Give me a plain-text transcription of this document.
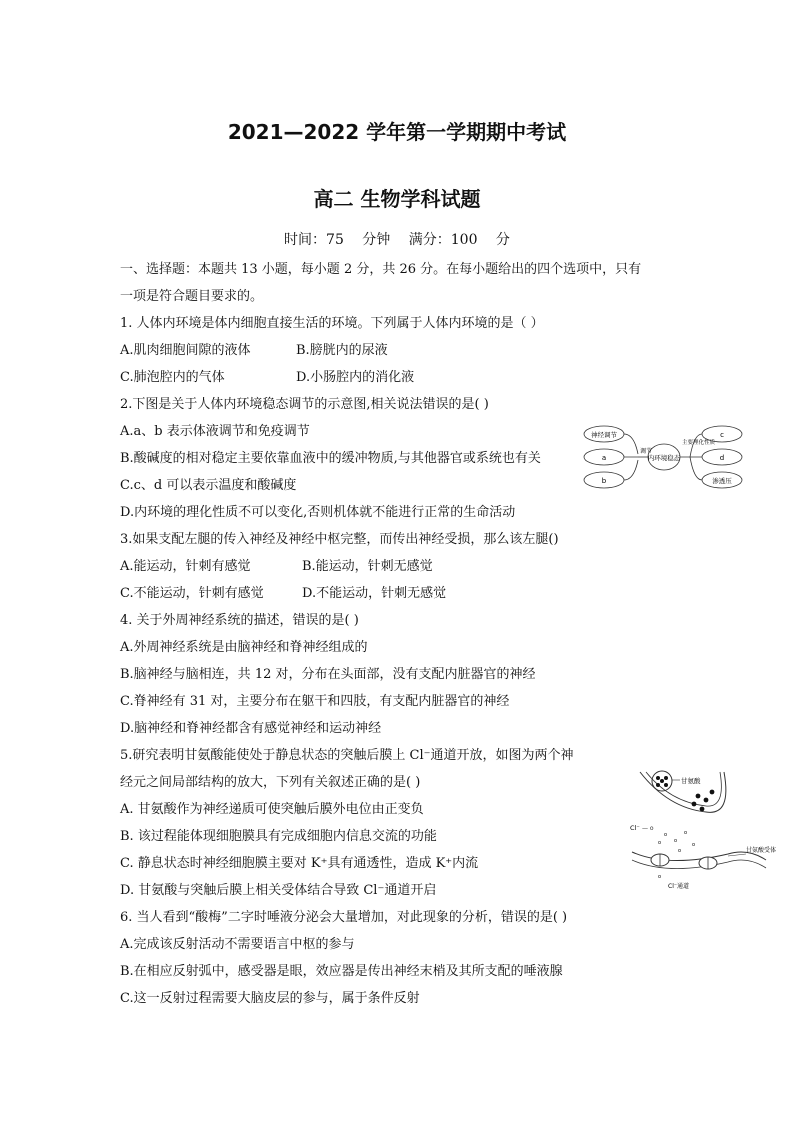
2021—2022 学年第一学期期中考试
高二 生物学科试题
时间：75 分钟 满分：100 分
一、选择题：本题共 13 小题，每小题 2 分，共 26 分。在每小题给出的四个选项中，只有
一项是符合题目要求的。
1. 人体内环境是体内细胞直接生活的环境。下列属于人体内环境的是（ ）
A.肌肉细胞间隙的液体	B.膀胱内的尿液
C.肺泡腔内的气体	D.小肠腔内的消化液
2.下图是关于人体内环境稳态调节的示意图,相关说法错误的是( )
A.a、b 表示体液调节和免疫调节
B.酸碱度的相对稳定主要依靠血液中的缓冲物质,与其他器官或系统也有关
C.c、d 可以表示温度和酸碱度
D.内环境的理化性质不可以变化,否则机体就不能进行正常的生命活动
神经调节
a
b
调节
内环境稳态
主要理化性质
c
d
渗透压
3.如果支配左腿的传入神经及神经中枢完整，而传出神经受损，那么该左腿()
A.能运动，针刺有感觉	B.能运动，针刺无感觉
C.不能运动，针刺有感觉	D.不能运动，针刺无感觉
4. 关于外周神经系统的描述，错误的是( )
A.外周神经系统是由脑神经和脊神经组成的
B.脑神经与脑相连，共 12 对，分布在头面部，没有支配内脏器官的神经
C.脊神经有 31 对，主要分布在躯干和四肢，有支配内脏器官的神经
D.脑神经和脊神经都含有感觉神经和运动神经
5.研究表明甘氨酸能使处于静息状态的突触后膜上 Cl⁻通道开放，如图为两个神
经元之间局部结构的放大，下列有关叙述正确的是( )
A. 甘氨酸作为神经递质可使突触后膜外电位由正变负
B. 该过程能体现细胞膜具有完成细胞内信息交流的功能
C. 静息状态时神经细胞膜主要对 K⁺具有通透性，造成 K⁺内流
D. 甘氨酸与突触后膜上相关受体结合导致 Cl⁻通道开启
甘氨酸
Cl⁻ — o
o
o	o
o
o
o	甘氨酸受体
Cl⁻通道
o
6. 当人看到“酸梅”二字时唾液分泌会大量增加，对此现象的分析，错误的是( )
A.完成该反射活动不需要语言中枢的参与
B.在相应反射弧中，感受器是眼，效应器是传出神经末梢及其所支配的唾液腺
C.这一反射过程需要大脑皮层的参与，属于条件反射
